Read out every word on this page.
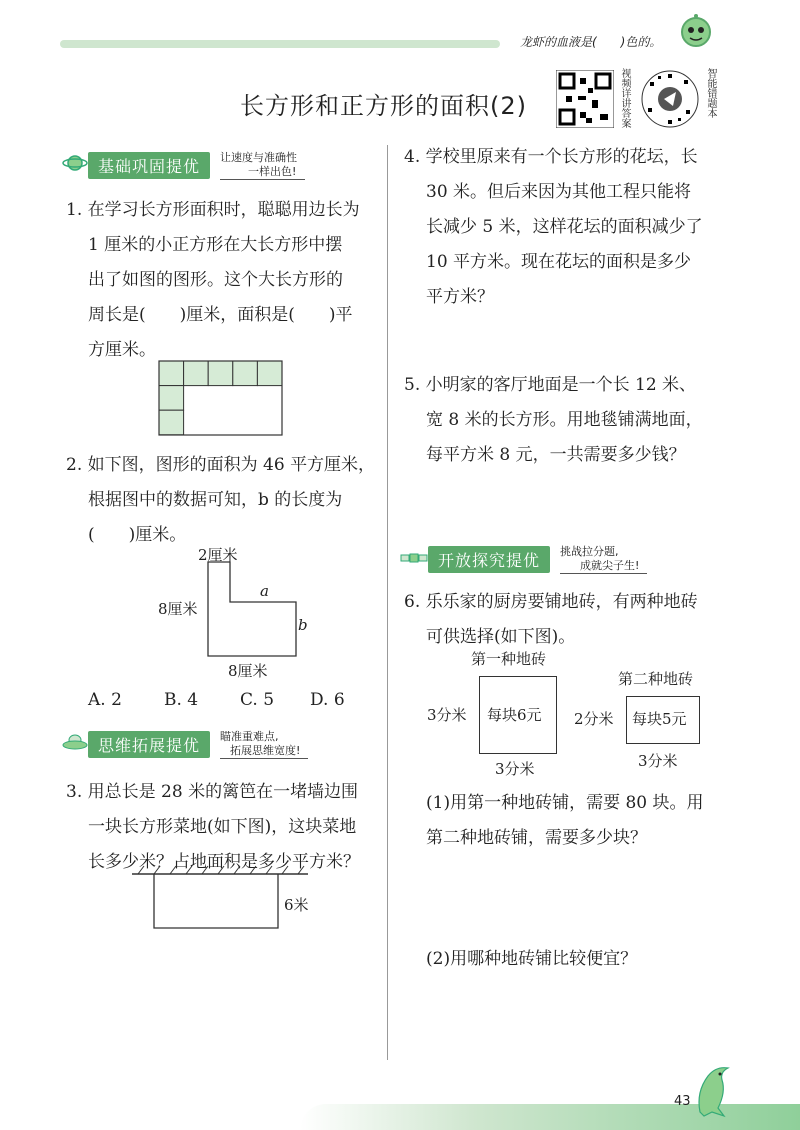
龙虾的血液是(　　)色的。
长方形和正方形的面积(2)	视频详讲答案	智能错题本
基础巩固提优	让速度与准确性
一样出色!
1. 在学习长方形面积时，聪聪用边长为
1 厘米的小正方形在大长方形中摆
出了如图的图形。这个大长方形的
周长是(　　)厘米，面积是(　　)平
方厘米。
2. 如下图，图形的面积为 46 平方厘米，
根据图中的数据可知，b 的长度为
(　　)厘米。
2厘米
8厘米
a
b
8厘米
A. 2 B. 4 C. 5 D. 6
思维拓展提优	瞄准重难点,
拓展思维宽度!
3. 用总长是 28 米的篱笆在一堵墙边围
一块长方形菜地(如下图)，这块菜地
长多少米？占地面积是多少平方米？
6米
4. 学校里原来有一个长方形的花坛，长
30 米。但后来因为其他工程只能将
长减少 5 米，这样花坛的面积减少了
10 平方米。现在花坛的面积是多少
平方米？
5. 小明家的客厅地面是一个长 12 米、
宽 8 米的长方形。用地毯铺满地面，
每平方米 8 元，一共需要多少钱？
开放探究提优	挑战拉分题,
成就尖子生!
6. 乐乐家的厨房要铺地砖，有两种地砖
可供选择(如下图)。
第一种地砖
每块6元
3分米
3分米
第二种地砖
每块5元
2分米
3分米
(1)用第一种地砖铺，需要 80 块。用
第二种地砖铺，需要多少块？
(2)用哪种地砖铺比较便宜？
43
